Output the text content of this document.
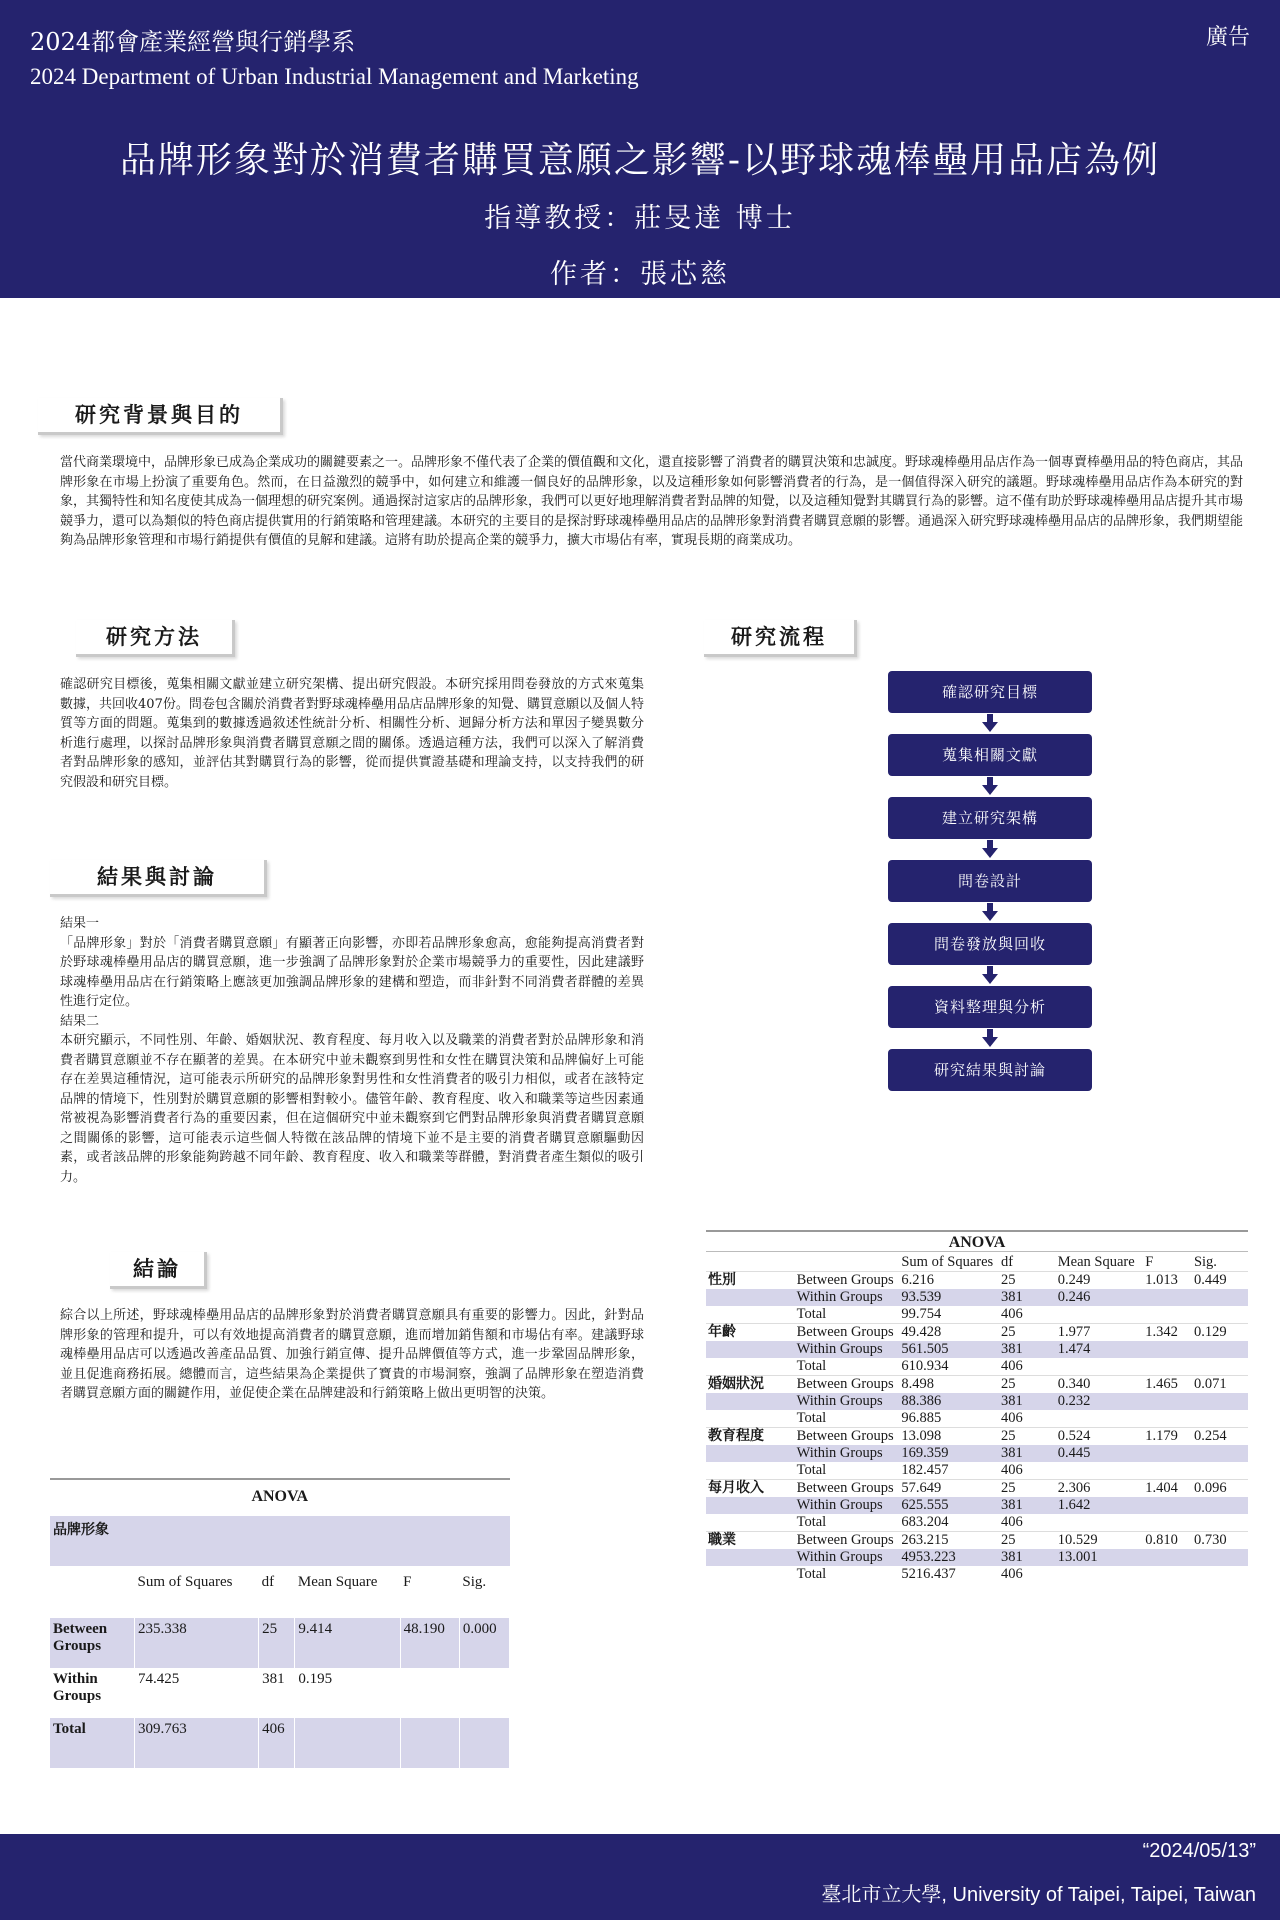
2024都會產業經營與行銷學系
2024 Department of Urban Industrial Management and Marketing
廣告
品牌形象對於消費者購買意願之影響-以野球魂棒壘用品店為例
指導教授：莊旻達 博士
作者：張芯慈
研究背景與目的
當代商業環境中，品牌形象已成為企業成功的關鍵要素之一。品牌形象不僅代表了企業的價值觀和文化，還直接影響了消費者的購買決策和忠誠度。野球魂棒壘用品店作為一個專賣棒壘用品的特色商店，其品牌形象在市場上扮演了重要角色。然而，在日益激烈的競爭中，如何建立和維護一個良好的品牌形象，以及這種形象如何影響消費者的行為，是一個值得深入研究的議題。野球魂棒壘用品店作為本研究的對象，其獨特性和知名度使其成為一個理想的研究案例。通過探討這家店的品牌形象，我們可以更好地理解消費者對品牌的知覺，以及這種知覺對其購買行為的影響。這不僅有助於野球魂棒壘用品店提升其市場競爭力，還可以為類似的特色商店提供實用的行銷策略和管理建議。本研究的主要目的是探討野球魂棒壘用品店的品牌形象對消費者購買意願的影響。通過深入研究野球魂棒壘用品店的品牌形象，我們期望能夠為品牌形象管理和市場行銷提供有價值的見解和建議。這將有助於提高企業的競爭力，擴大市場佔有率，實現長期的商業成功。
研究方法
確認研究目標後，蒐集相關文獻並建立研究架構、提出研究假設。本研究採用問卷發放的方式來蒐集數據，共回收407份。問卷包含關於消費者對野球魂棒壘用品店品牌形象的知覺、購買意願以及個人特質等方面的問題。蒐集到的數據透過敘述性統計分析、相關性分析、迴歸分析方法和單因子變異數分析進行處理，以探討品牌形象與消費者購買意願之間的關係。透過這種方法，我們可以深入了解消費者對品牌形象的感知，並評估其對購買行為的影響，從而提供實證基礎和理論支持，以支持我們的研究假設和研究目標。
研究流程
確認研究目標
蒐集相關文獻
建立研究架構
問卷設計
問卷發放與回收
資料整理與分析
研究結果與討論
結果與討論
結果一
「品牌形象」對於「消費者購買意願」有顯著正向影響，亦即若品牌形象愈高，愈能夠提高消費者對於野球魂棒壘用品店的購買意願，進一步強調了品牌形象對於企業市場競爭力的重要性，因此建議野球魂棒壘用品店在行銷策略上應該更加強調品牌形象的建構和塑造，而非針對不同消費者群體的差異性進行定位。
結果二
本研究顯示，不同性別、年齡、婚姻狀況、教育程度、每月收入以及職業的消費者對於品牌形象和消費者購買意願並不存在顯著的差異。在本研究中並未觀察到男性和女性在購買決策和品牌偏好上可能存在差異這種情況，這可能表示所研究的品牌形象對男性和女性消費者的吸引力相似，或者在該特定品牌的情境下，性別對於購買意願的影響相對較小。儘管年齡、教育程度、收入和職業等這些因素通常被視為影響消費者行為的重要因素，但在這個研究中並未觀察到它們對品牌形象與消費者購買意願之間關係的影響，這可能表示這些個人特徵在該品牌的情境下並不是主要的消費者購買意願驅動因素，或者該品牌的形象能夠跨越不同年齡、教育程度、收入和職業等群體，對消費者產生類似的吸引力。
結論
綜合以上所述，野球魂棒壘用品店的品牌形象對於消費者購買意願具有重要的影響力。因此，針對品牌形象的管理和提升，可以有效地提高消費者的購買意願，進而增加銷售額和市場佔有率。建議野球魂棒壘用品店可以透過改善產品品質、加強行銷宣傳、提升品牌價值等方式，進一步鞏固品牌形象，並且促進商務拓展。總體而言，這些結果為企業提供了寶貴的市場洞察，強調了品牌形象在塑造消費者購買意願方面的關鍵作用，並促使企業在品牌建設和行銷策略上做出更明智的決策。
ANOVA					
品牌形象					
	Sum of Squares	df	Mean Square	F	Sig.
Between Groups	235.338	25	9.414	48.190	0.000
Within Groups	74.425	381	0.195		
Total	309.763	406			
ANOVA						
		Sum of Squares	df	Mean Square	F	Sig.
性別	Between Groups	6.216	25	0.249	1.013	0.449
	Within Groups	93.539	381	0.246		
	Total	99.754	406			
年齡	Between Groups	49.428	25	1.977	1.342	0.129
	Within Groups	561.505	381	1.474		
	Total	610.934	406			
婚姻狀況	Between Groups	8.498	25	0.340	1.465	0.071
	Within Groups	88.386	381	0.232		
	Total	96.885	406			
教育程度	Between Groups	13.098	25	0.524	1.179	0.254
	Within Groups	169.359	381	0.445		
	Total	182.457	406			
每月收入	Between Groups	57.649	25	2.306	1.404	0.096
	Within Groups	625.555	381	1.642		
	Total	683.204	406			
職業	Between Groups	263.215	25	10.529	0.810	0.730
	Within Groups	4953.223	381	13.001		
	Total	5216.437	406			
“2024/05/13”
臺北市立大學, University of Taipei, Taipei, Taiwan
